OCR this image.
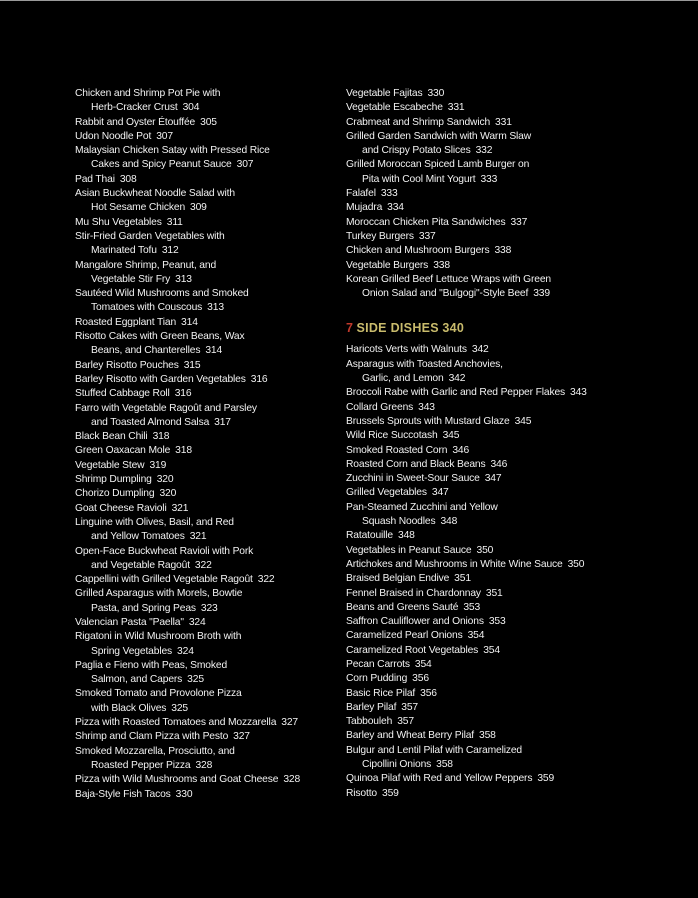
Chicken and Shrimp Pot Pie with

Herb-Cracker Crust 304
Rabbit and Oyster Étouffée 305
Udon Noodle Pot 307
Malaysian Chicken Satay with Pressed Rice

Cakes and Spicy Peanut Sauce 307
Pad Thai 308
Asian Buckwheat Noodle Salad with

Hot Sesame Chicken 309
Mu Shu Vegetables 311
Stir-Fried Garden Vegetables with

Marinated Tofu 312
Mangalore Shrimp, Peanut, and

Vegetable Stir Fry 313
Sautéed Wild Mushrooms and Smoked

Tomatoes with Couscous 313
Roasted Eggplant Tian 314
Risotto Cakes with Green Beans, Wax

Beans, and Chanterelles 314
Barley Risotto Pouches 315
Barley Risotto with Garden Vegetables 316
Stuffed Cabbage Roll 316
Farro with Vegetable Ragoût and Parsley

and Toasted Almond Salsa 317
Black Bean Chili 318
Green Oaxacan Mole 318
Vegetable Stew 319
Shrimp Dumpling 320
Chorizo Dumpling 320
Goat Cheese Ravioli 321
Linguine with Olives, Basil, and Red

and Yellow Tomatoes 321
Open-Face Buckwheat Ravioli with Pork

and Vegetable Ragoût 322
Cappellini with Grilled Vegetable Ragoût 322
Grilled Asparagus with Morels, Bowtie

Pasta, and Spring Peas 323
Valencian Pasta "Paella" 324
Rigatoni in Wild Mushroom Broth with

Spring Vegetables 324
Paglia e Fieno with Peas, Smoked

Salmon, and Capers 325
Smoked Tomato and Provolone Pizza

with Black Olives 325
Pizza with Roasted Tomatoes and Mozzarella 327
Shrimp and Clam Pizza with Pesto 327
Smoked Mozzarella, Prosciutto, and

Roasted Pepper Pizza 328
Pizza with Wild Mushrooms and Goat Cheese 328
Baja-Style Fish Tacos 330
Vegetable Fajitas 330
Vegetable Escabeche 331
Crabmeat and Shrimp Sandwich 331
Grilled Garden Sandwich with Warm Slaw

and Crispy Potato Slices 332
Grilled Moroccan Spiced Lamb Burger on

Pita with Cool Mint Yogurt 333
Falafel 333
Mujadra 334
Moroccan Chicken Pita Sandwiches 337
Turkey Burgers 337
Chicken and Mushroom Burgers 338
Vegetable Burgers 338
Korean Grilled Beef Lettuce Wraps with Green

Onion Salad and "Bulgogi"-Style Beef 339
7 SIDE DISHES 340
Haricots Verts with Walnuts 342
Asparagus with Toasted Anchovies,

Garlic, and Lemon 342
Broccoli Rabe with Garlic and Red Pepper Flakes 343
Collard Greens 343
Brussels Sprouts with Mustard Glaze 345
Wild Rice Succotash 345
Smoked Roasted Corn 346
Roasted Corn and Black Beans 346
Zucchini in Sweet-Sour Sauce 347
Grilled Vegetables 347
Pan-Steamed Zucchini and Yellow

Squash Noodles 348
Ratatouille 348
Vegetables in Peanut Sauce 350
Artichokes and Mushrooms in White Wine Sauce 350
Braised Belgian Endive 351
Fennel Braised in Chardonnay 351
Beans and Greens Sauté 353
Saffron Cauliflower and Onions 353
Caramelized Pearl Onions 354
Caramelized Root Vegetables 354
Pecan Carrots 354
Corn Pudding 356
Basic Rice Pilaf 356
Barley Pilaf 357
Tabbouleh 357
Barley and Wheat Berry Pilaf 358
Bulgur and Lentil Pilaf with Caramelized

Cipollini Onions 358
Quinoa Pilaf with Red and Yellow Peppers 359
Risotto 359
